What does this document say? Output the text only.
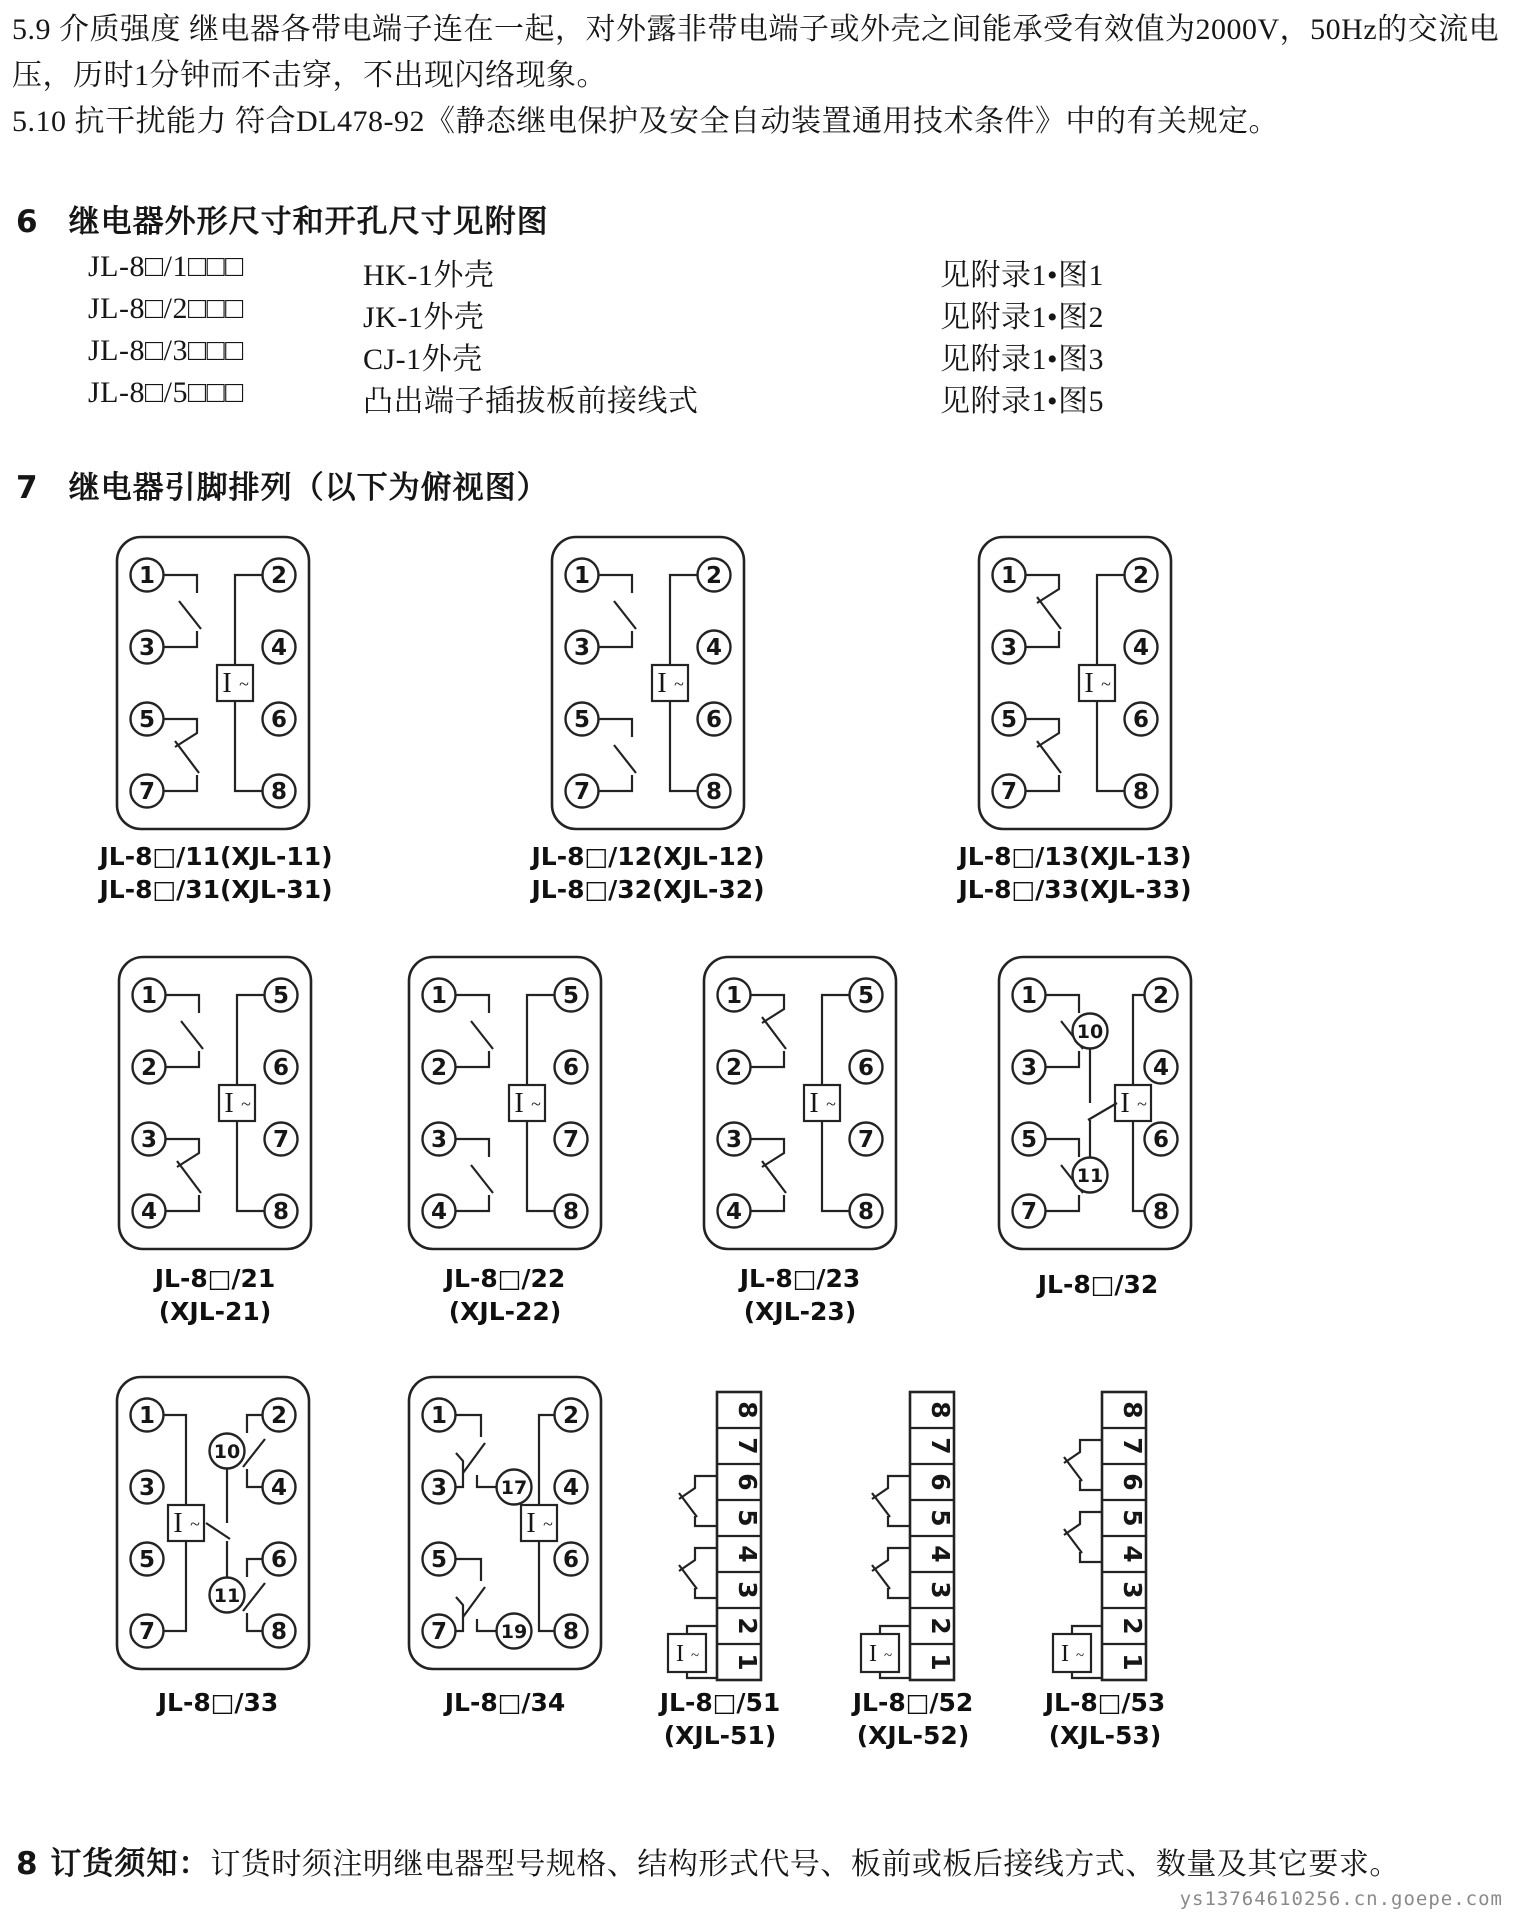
5.9 介质强度 继电器各带电端子连在一起，对外露非带电端子或外壳之间能承受有效值为2000V，50Hz的交流电
压，历时1分钟而不击穿，不出现闪络现象。
5.10 抗干扰能力 符合DL478-92《静态继电保护及安全自动装置通用技术条件》中的有关规定。
6 继电器外形尺寸和开孔尺寸见附图
JL-8□/1□□□	HK-1外壳	见附录1•图1
JL-8□/2□□□	JK-1外壳	见附录1•图2
JL-8□/3□□□	CJ-1外壳	见附录1•图3
JL-8□/5□□□	凸出端子插拔板前接线式	见附录1•图5
7 继电器引脚排列（以下为俯视图）
I ~
1
3
5
7
2
4
6
8
JL-8□/11(XJL-11)
JL-8□/31(XJL-31)
I ~
1
3
5
7
2
4
6
8
JL-8□/12(XJL-12)
JL-8□/32(XJL-32)
I ~
1
3
5
7
2
4
6
8
JL-8□/13(XJL-13)
JL-8□/33(XJL-33)
I ~
1
2
3
4
5
6
7
8
JL-8□/21
(XJL-21)
I ~
1
2
3
4
5
6
7
8
JL-8□/22
(XJL-22)
I ~
1
2
3
4
5
6
7
8
JL-8□/23
(XJL-23)
I ~
1
3
5
7
10
11
2
4
6
8
JL-8□/32
I ~
1
3
5
7
10
11
2
4
6
8
JL-8□/33
I ~
1
3
5
7
17
19
2
4
6
8
JL-8□/34
I ~ 1
2
3
4
5
6
7
8
JL-8□/51
(XJL-51)
I ~ 1
2
3
4
5
6
7
8
JL-8□/52
(XJL-52)
I ~ 1
2
3
4
5
6
7
8
JL-8□/53
(XJL-53)
8 订货须知：订货时须注明继电器型号规格、结构形式代号、板前或板后接线方式、数量及其它要求。
ys13764610256.cn.goepe.com
